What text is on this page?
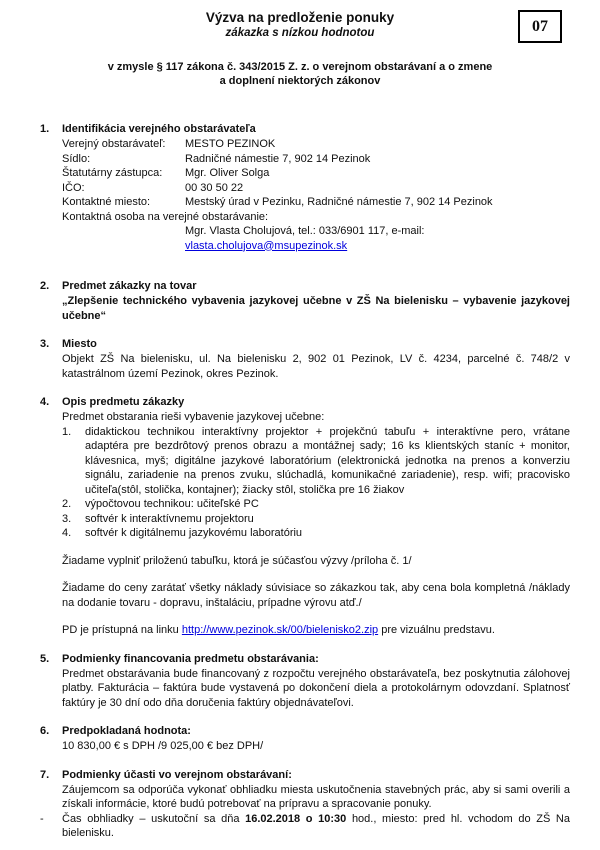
07
Výzva na predloženie ponuky
zákazka s nízkou hodnotou
v zmysle § 117 zákona č. 343/2015 Z. z. o verejnom obstarávaní a o zmene
a doplnení niektorých zákonov
1.	Identifikácia verejného obstarávateľa
Verejný obstarávateľ:	MESTO PEZINOK
Sídlo:	Radničné námestie 7, 902 14 Pezinok
Štatutárny zástupca:	Mgr. Oliver Solga
IČO:	00 30 50 22
Kontaktné miesto:	Mestský úrad v Pezinku, Radničné námestie 7, 902 14 Pezinok
Kontaktná osoba na verejné obstarávanie:
Mgr. Vlasta Cholujová, tel.: 033/6901 117, e-mail:
vlasta.cholujova@msupezinok.sk
2.	Predmet zákazky na tovar
„Zlepšenie technického vybavenia jazykovej učebne v ZŠ Na bielenisku – vybavenie jazykovej učebne“
3.	Miesto
Objekt ZŠ Na bielenisku, ul. Na bielenisku 2, 902 01 Pezinok, LV č. 4234, parcelné č. 748/2 v katastrálnom území Pezinok, okres Pezinok.
4.	Opis predmetu zákazky
Predmet obstarania rieši vybavenie jazykovej učebne:
1.	didaktickou technikou interaktívny projektor + projekčnú tabuľu + interaktívne pero, vrátane adaptéra pre bezdrôtový prenos obrazu a montážnej sady; 16 ks klientských staníc + monitor, klávesnica, myš; digitálne jazykové laboratórium (elektronická jednotka na prenos a konverziu signálu, zariadenie na prenos zvuku, slúchadlá, komunikačné zariadenie), resp. wifi; pracovisko učiteľa(stôl, stolička, kontajner); žiacky stôl, stolička pre 16 žiakov
2.	výpočtovou technikou: učiteľské PC
3.	softvér k interaktívnemu projektoru
4.	softvér k digitálnemu jazykovému laboratóriu
Žiadame vyplniť priloženú tabuľku, ktorá je súčasťou výzvy /príloha č. 1/
Žiadame do ceny zarátať všetky náklady súvisiace so zákazkou tak, aby cena bola kompletná /náklady na dodanie tovaru - dopravu, inštaláciu, prípadne výrovu atď./
PD je prístupná na linku http://www.pezinok.sk/00/bielenisko2.zip pre vizuálnu predstavu.
5.	Podmienky financovania predmetu obstarávania:
Predmet obstarávania bude financovaný z rozpočtu verejného obstarávateľa, bez poskytnutia zálohovej platby. Fakturácia – faktúra bude vystavená po dokončení diela a protokolárnym odovzdaní. Splatnosť faktúry je 30 dní odo dňa doručenia faktúry objednávateľovi.
6.	Predpokladaná hodnota:
10 830,00 € s DPH /9 025,00 € bez DPH/
7.	Podmienky účasti vo verejnom obstarávaní:
Záujemcom sa odporúča vykonať obhliadku miesta uskutočnenia stavebných prác, aby si sami overili a získali informácie, ktoré budú potrebovať na prípravu a spracovanie ponuky.
-	Čas obhliadky – uskutoční sa dňa 16.02.2018 o 10:30 hod., miesto: pred hl. vchodom do ZŠ Na bielenisku.
